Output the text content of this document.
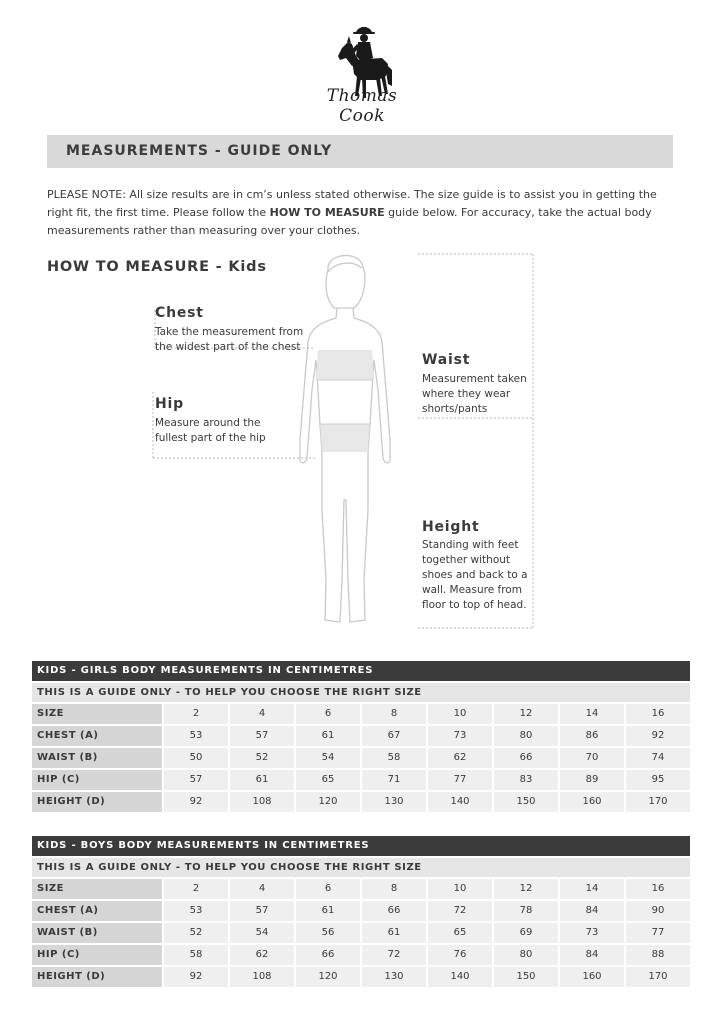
Thomas Cook
MEASUREMENTS - GUIDE ONLY
PLEASE NOTE: All size results are in cm’s unless stated otherwise. The size guide is to assist you in getting the right fit, the first time. Please follow the HOW TO MEASURE guide below. For accuracy, take the actual body measurements rather than measuring over your clothes.
HOW TO MEASURE - Kids
Chest
Take the measurement from
the widest part of the chest
Hip
Measure around the
fullest part of the hip
Waist
Measurement taken
where they wear
shorts/pants
Height
Standing with feet
together without
shoes and back to a
wall. Measure from
floor to top of head.
KIDS - GIRLS BODY MEASUREMENTS IN CENTIMETRES
THIS IS A GUIDE ONLY - TO HELP YOU CHOOSE THE RIGHT SIZE
SIZE	2	4	6	8	10	12	14	16
CHEST (A)	53	57	61	67	73	80	86	92
WAIST (B)	50	52	54	58	62	66	70	74
HIP (C)	57	61	65	71	77	83	89	95
HEIGHT (D)	92	108	120	130	140	150	160	170
KIDS - BOYS BODY MEASUREMENTS IN CENTIMETRES
THIS IS A GUIDE ONLY - TO HELP YOU CHOOSE THE RIGHT SIZE
SIZE	2	4	6	8	10	12	14	16
CHEST (A)	53	57	61	66	72	78	84	90
WAIST (B)	52	54	56	61	65	69	73	77
HIP (C)	58	62	66	72	76	80	84	88
HEIGHT (D)	92	108	120	130	140	150	160	170
